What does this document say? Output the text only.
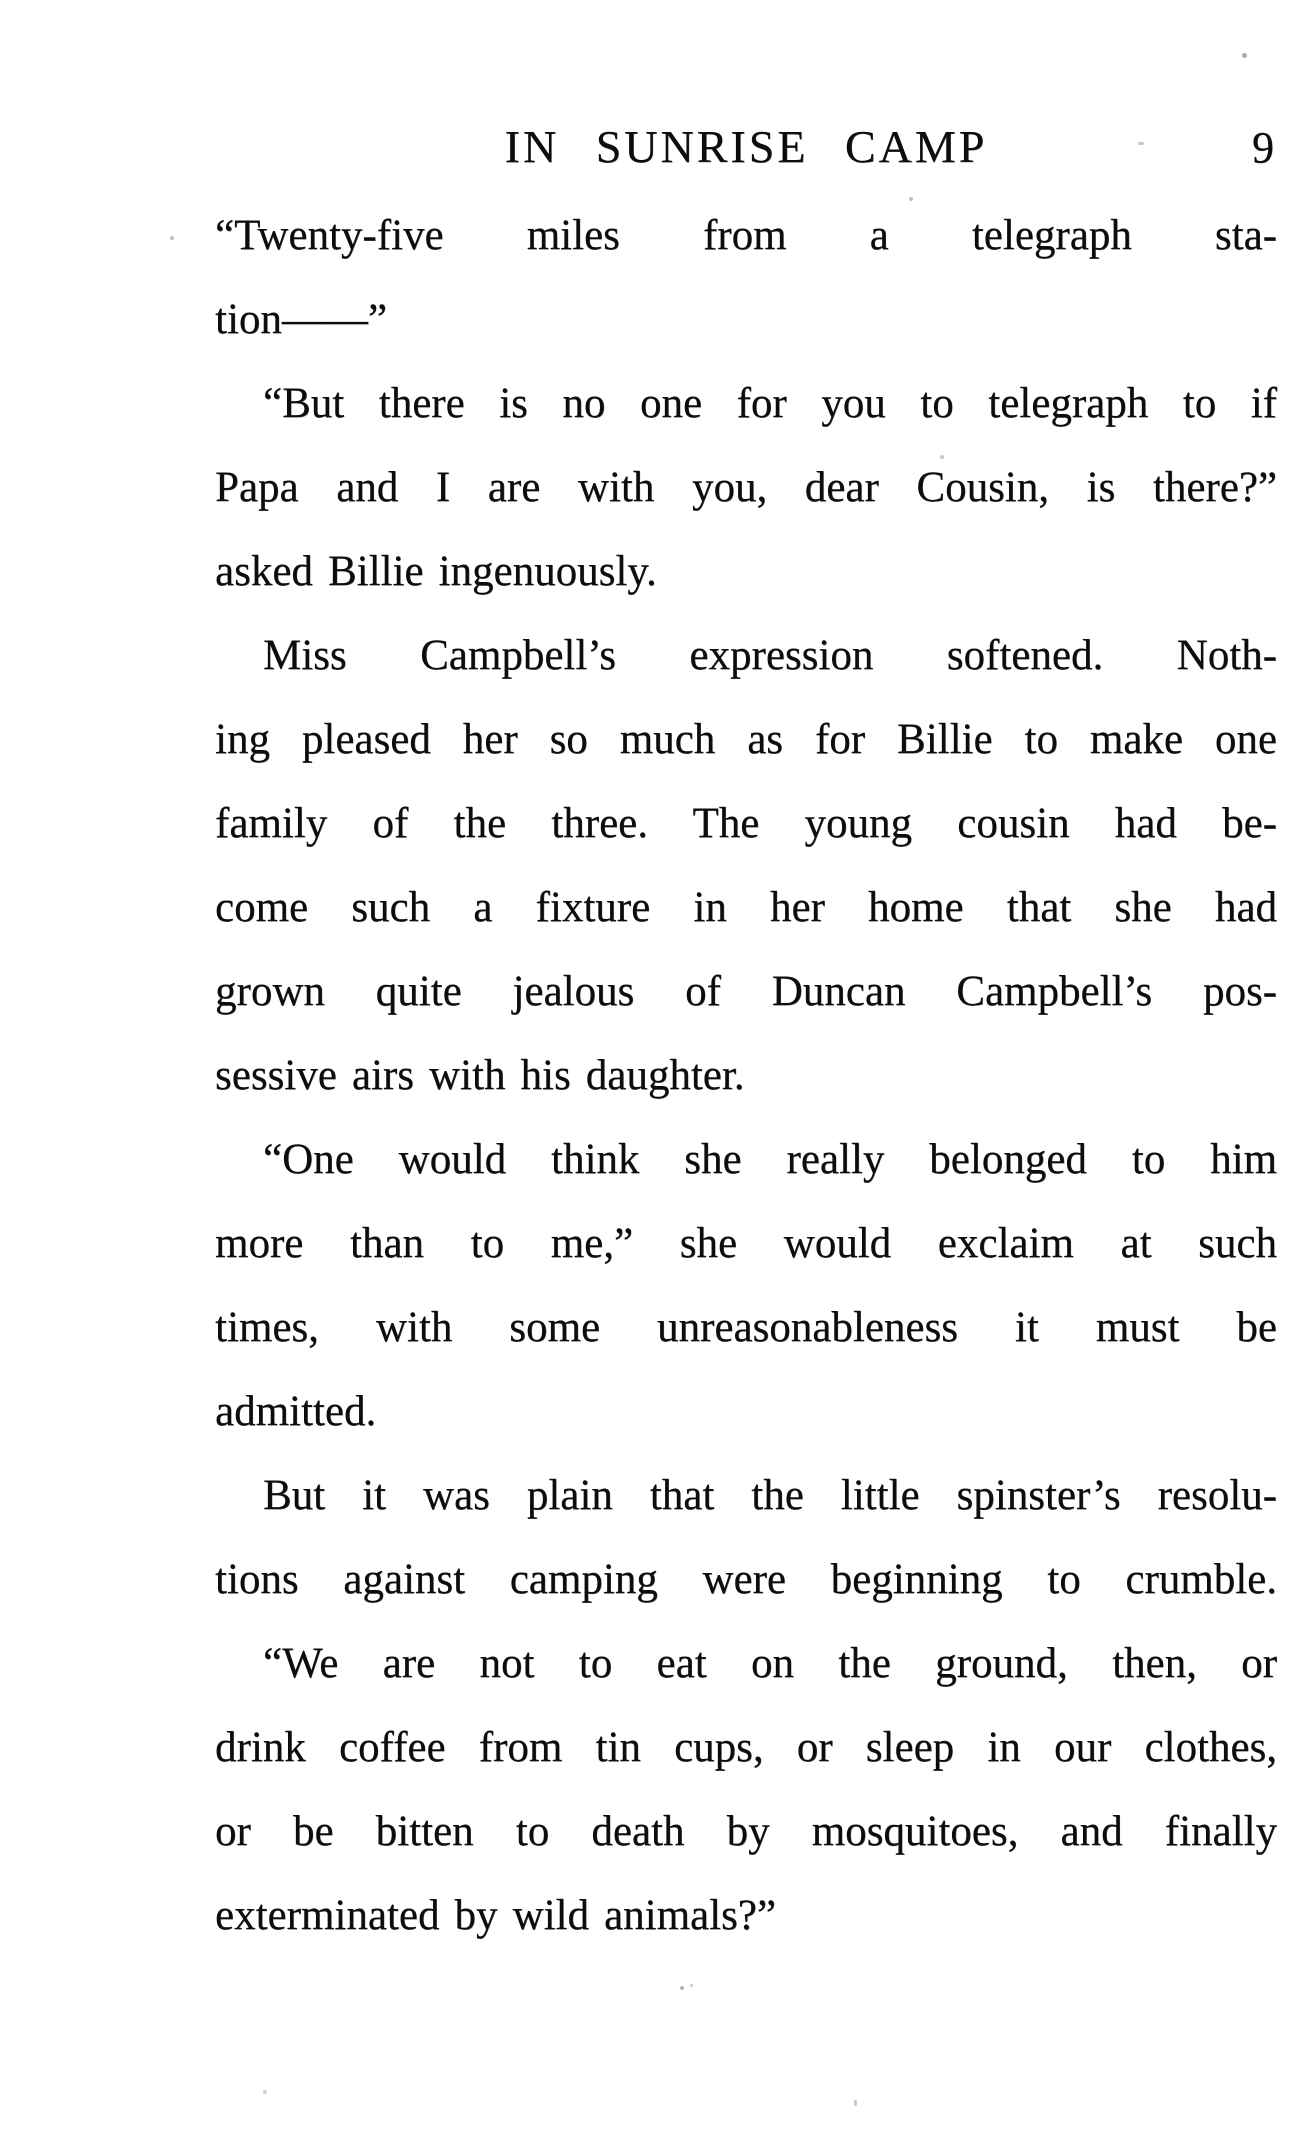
IN SUNRISE CAMP	9
“Twenty-five miles from a telegraph sta-
tion——”
“But there is no one for you to telegraph to if
Papa and I are with you, dear Cousin, is there?”
asked Billie ingenuously.
Miss Campbell’s expression softened. Noth-
ing pleased her so much as for Billie to make one
family of the three. The young cousin had be-
come such a fixture in her home that she had
grown quite jealous of Duncan Campbell’s pos-
sessive airs with his daughter.
“One would think she really belonged to him
more than to me,” she would exclaim at such
times, with some unreasonableness it must be
admitted.
But it was plain that the little spinster’s resolu-
tions against camping were beginning to crumble.
“We are not to eat on the ground, then, or
drink coffee from tin cups, or sleep in our clothes,
or be bitten to death by mosquitoes, and finally
exterminated by wild animals?”
